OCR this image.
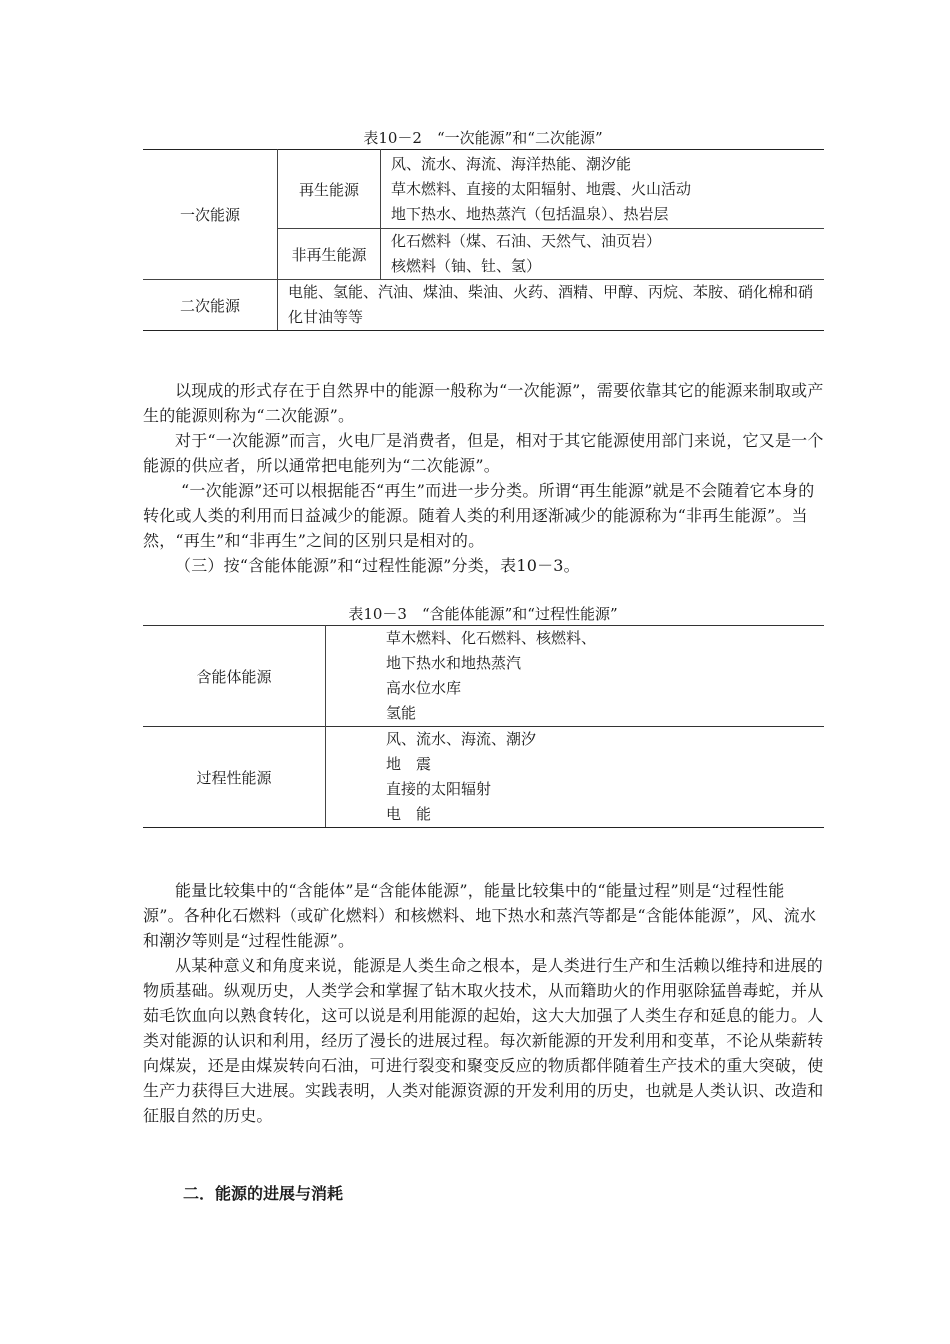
表10－2　“一次能源”和“二次能源”
一次能源	再生能源	风、流水、海流、海洋热能、潮汐能
草木燃料、直接的太阳辐射、地震、火山活动
地下热水、地热蒸汽（包括温泉）、热岩层

	非再生能源	化石燃料（煤、石油、天然气、油页岩）
核燃料（铀、钍、氢）

二次能源	电能、氢能、汽油、煤油、柴油、火药、酒精、甲醇、丙烷、苯胺、硝化棉和硝化甘油等等	
以现成的形式存在于自然界中的能源一般称为“一次能源”，需要依靠其它的能源来制取或产生的能源则称为“二次能源”。
对于“一次能源”而言，火电厂是消费者，但是，相对于其它能源使用部门来说，它又是一个能源的供应者，所以通常把电能列为“二次能源”。
“一次能源”还可以根据能否“再生”而进一步分类。所谓“再生能源”就是不会随着它本身的转化或人类的利用而日益减少的能源。随着人类的利用逐渐减少的能源称为“非再生能源”。当然，“再生”和“非再生”之间的区别只是相对的。
（三）按“含能体能源”和“过程性能源”分类，表10－3。
表10－3　“含能体能源”和“过程性能源”
含能体能源	草木燃料、化石燃料、核燃料、
地下热水和地热蒸汽
高水位水库
氢能

过程性能源	风、流水、海流、潮汐
地　震
直接的太阳辐射
电　能
能量比较集中的“含能体”是“含能体能源”，能量比较集中的“能量过程”则是“过程性能源”。各种化石燃料（或矿化燃料）和核燃料、地下热水和蒸汽等都是“含能体能源”，风、流水和潮汐等则是“过程性能源”。
从某种意义和角度来说，能源是人类生命之根本，是人类进行生产和生活赖以维持和进展的物质基础。纵观历史，人类学会和掌握了钻木取火技术，从而籍助火的作用驱除猛兽毒蛇，并从茹毛饮血向以熟食转化，这可以说是利用能源的起始，这大大加强了人类生存和延息的能力。人类对能源的认识和利用，经历了漫长的进展过程。每次新能源的开发利用和变革，不论从柴薪转向煤炭，还是由煤炭转向石油，可进行裂变和聚变反应的物质都伴随着生产技术的重大突破，使生产力获得巨大进展。实践表明，人类对能源资源的开发利用的历史，也就是人类认识、改造和征服自然的历史。
二．能源的进展与消耗
